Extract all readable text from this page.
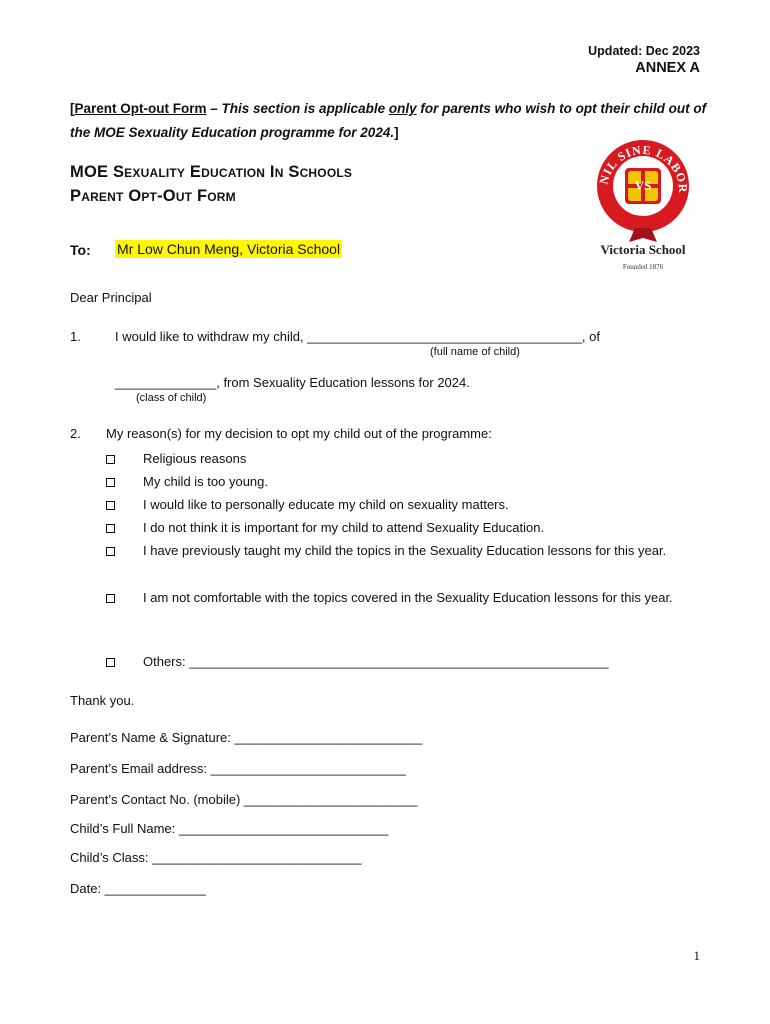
Updated: Dec 2023
ANNEX A
[Parent Opt-out Form – This section is applicable only for parents who wish to opt their child out of the MOE Sexuality Education programme for 2024.]
MOE Sexuality Education In Schools
Parent Opt-Out Form
VS
NIL SINE LABOR
Victoria School
Founded 1876
To: Mr Low Chun Meng, Victoria School
Dear Principal
1.	I would like to withdraw my child, ______________________________________, of
(full name of child)
______________, from Sexuality Education lessons for 2024.
(class of child)
2. My reason(s) for my decision to opt my child out of the programme:
Religious reasons
My child is too young.
I would like to personally educate my child on sexuality matters.
I do not think it is important for my child to attend Sexuality Education.
I have previously taught my child the topics in the Sexuality Education lessons for this year.
I am not comfortable with the topics covered in the Sexuality Education lessons for this year.
Others: __________________________________________________________
Thank you.
Parent’s Name & Signature: __________________________
Parent’s Email address: ___________________________
Parent’s Contact No. (mobile) ________________________
Child’s Full Name: _____________________________
Child’s Class: _____________________________
Date: ______________
1
